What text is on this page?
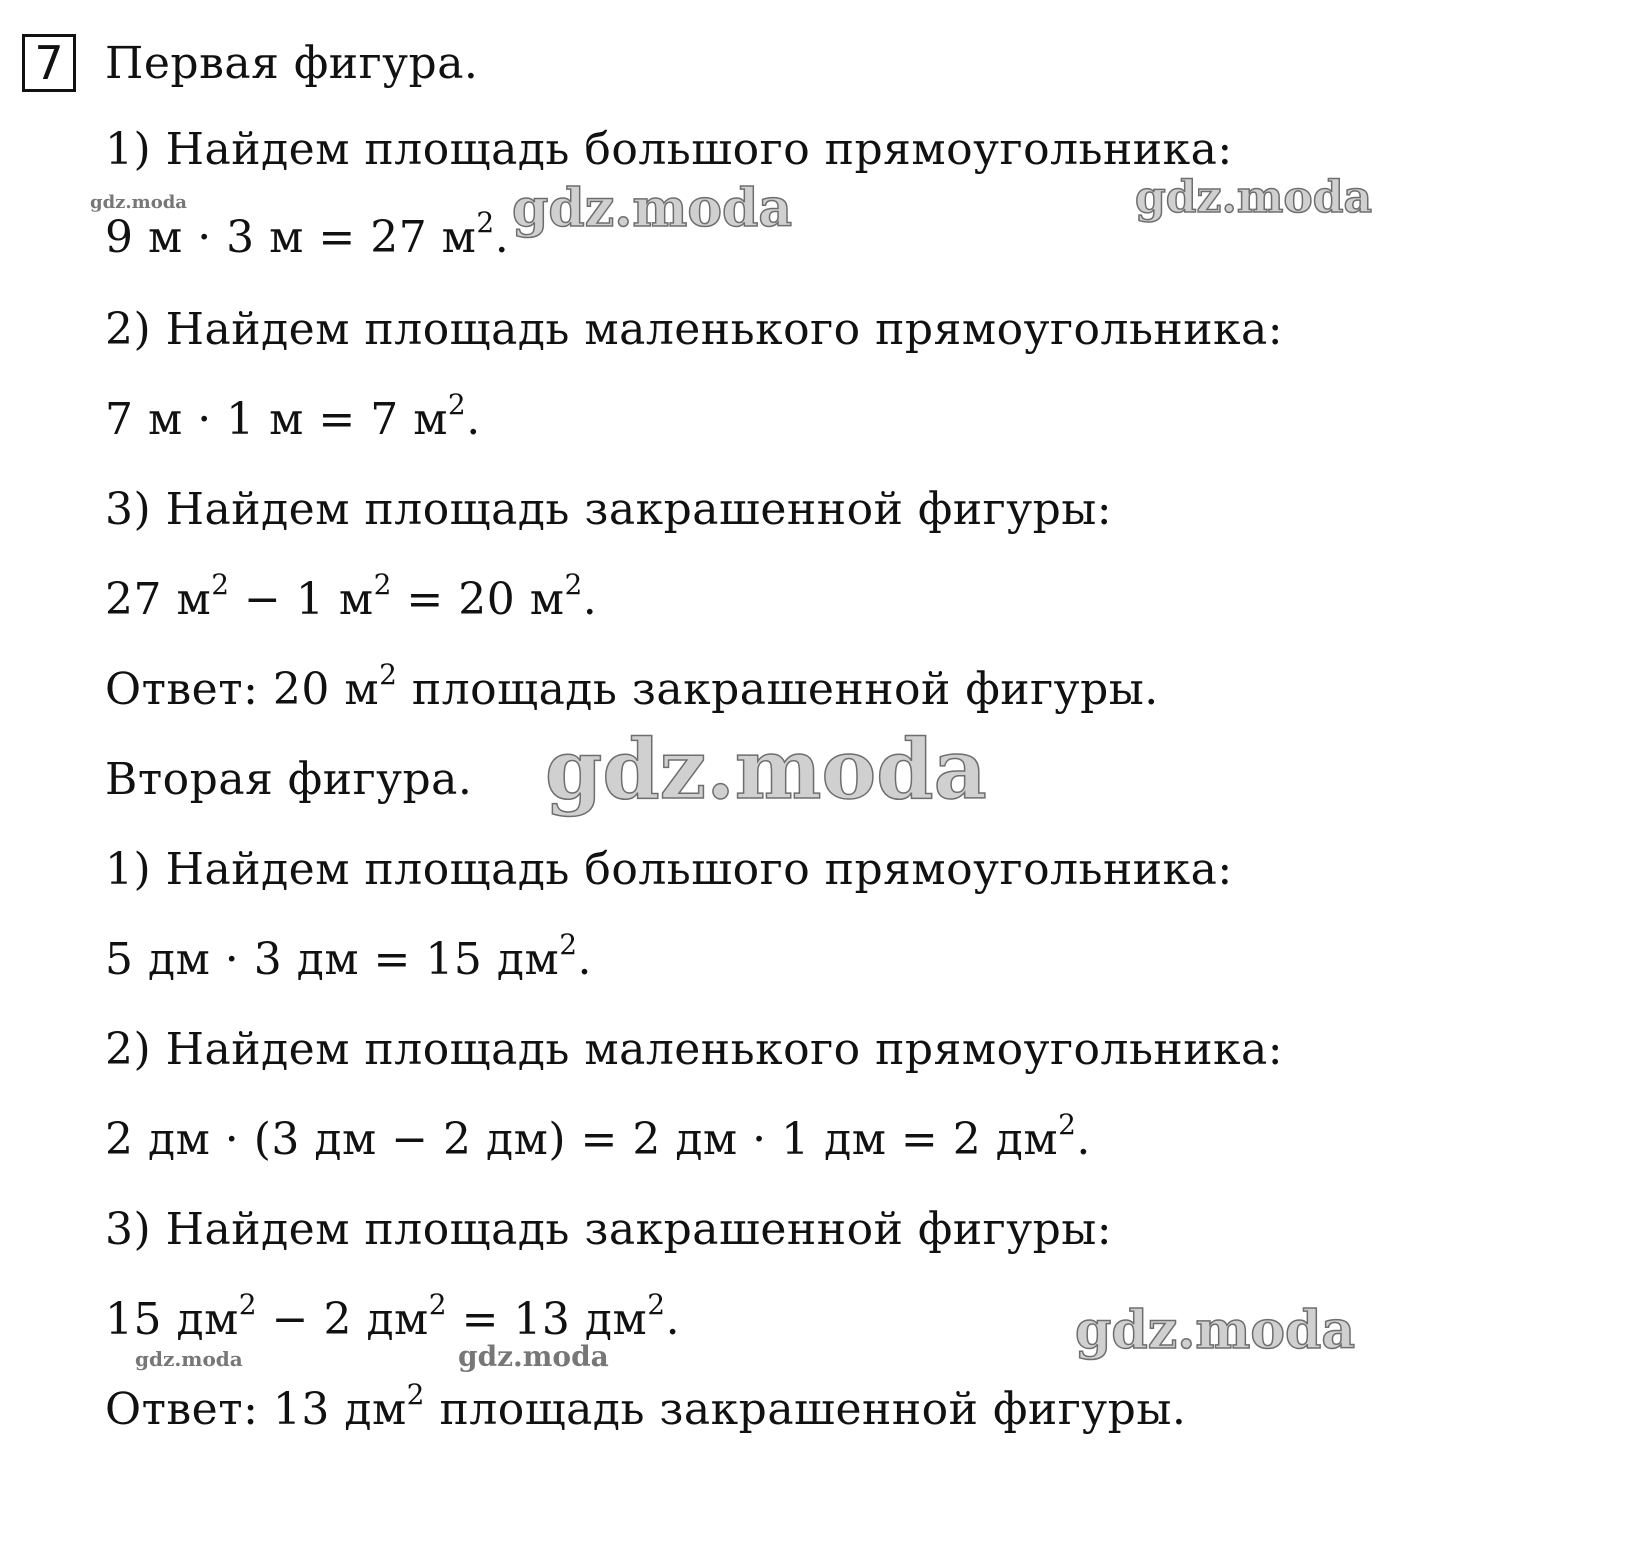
7 Первая фигура.
1) Найдем площадь большого прямоугольника:
9 м · 3 м = 27 $м^2$.
2) Найдем площадь маленького прямоугольника:
7 м · 1 м = 7 $м^2$.
3) Найдем площадь закрашенной фигуры:
27 $м^2 - 1$ $м^2 = 20$ $м^2$.
Ответ: 20 $м^2$ площадь закрашенной фигуры.
Вторая фигура.
1) Найдем площадь большого прямоугольника:
5 дм · 3 дм = 15 $дм^2$.
2) Найдем площадь маленького прямоугольника:
2 дм · (3 дм − 2 дм) = 2 дм · 1 дм = 2 $дм^2$.
3) Найдем площадь закрашенной фигуры:
15 $дм^2 - 2$ $дм^2 = 13$ $дм^2$.
Ответ: 13 $дм^2$ площадь закрашенной фигуры.
gdz.moda	gdz.moda	gdz.moda
gdz.moda
gdz.moda
gdz.moda	gdz.moda
